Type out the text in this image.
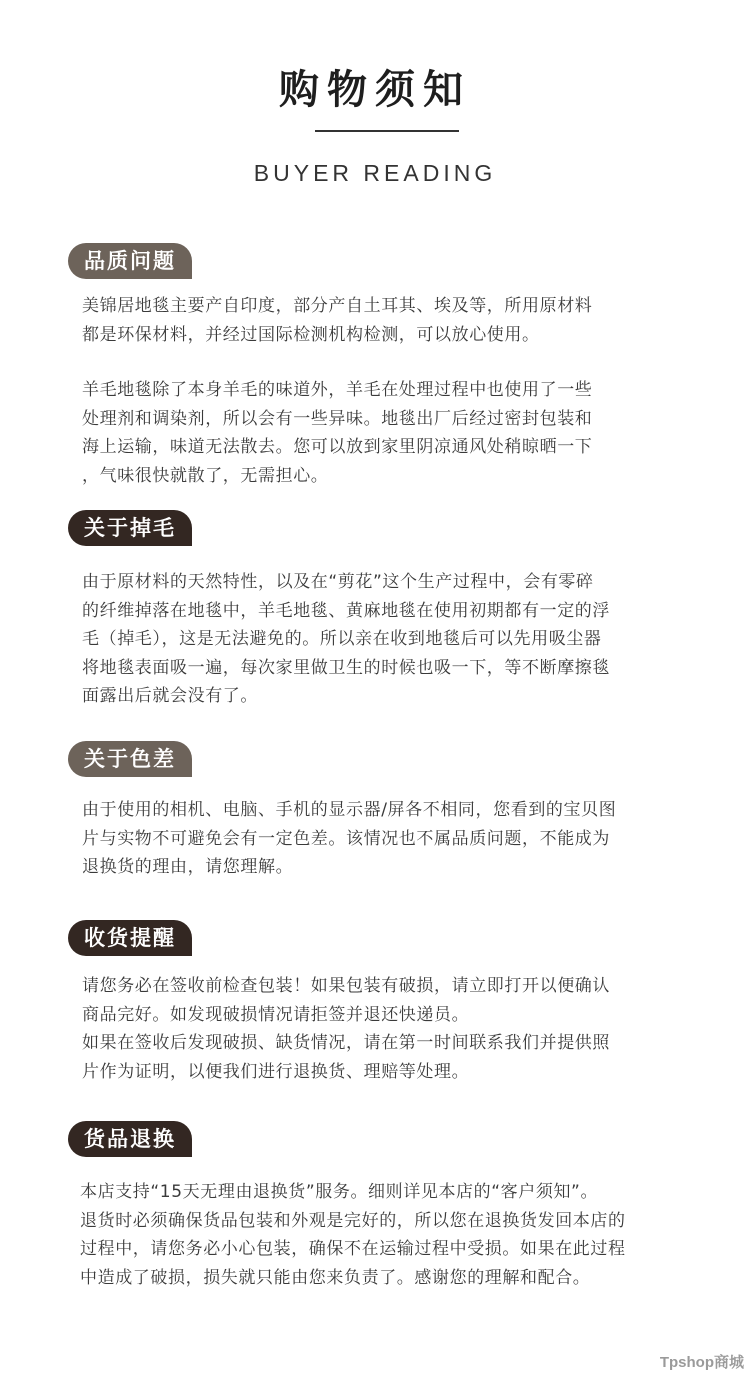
购物须知
BUYER READING
品质问题
美锦居地毯主要产自印度，部分产自土耳其、埃及等，所用原材料
都是环保材料，并经过国际检测机构检测，可以放心使用。
羊毛地毯除了本身羊毛的味道外，羊毛在处理过程中也使用了一些
处理剂和调染剂，所以会有一些异味。地毯出厂后经过密封包装和
海上运输，味道无法散去。您可以放到家里阴凉通风处稍晾晒一下
，气味很快就散了，无需担心。
关于掉毛
由于原材料的天然特性，以及在“剪花”这个生产过程中，会有零碎
的纤维掉落在地毯中，羊毛地毯、黄麻地毯在使用初期都有一定的浮
毛（掉毛），这是无法避免的。所以亲在收到地毯后可以先用吸尘器
将地毯表面吸一遍，每次家里做卫生的时候也吸一下，等不断摩擦毯
面露出后就会没有了。
关于色差
由于使用的相机、电脑、手机的显示器/屏各不相同，您看到的宝贝图
片与实物不可避免会有一定色差。该情况也不属品质问题，不能成为
退换货的理由，请您理解。
收货提醒
请您务必在签收前检查包装！如果包装有破损，请立即打开以便确认
商品完好。如发现破损情况请拒签并退还快递员。
如果在签收后发现破损、缺货情况，请在第一时间联系我们并提供照
片作为证明，以便我们进行退换货、理赔等处理。
货品退换
本店支持“15天无理由退换货”服务。细则详见本店的“客户须知”。
退货时必须确保货品包装和外观是完好的，所以您在退换货发回本店的
过程中，请您务必小心包装，确保不在运输过程中受损。如果在此过程
中造成了破损，损失就只能由您来负责了。感谢您的理解和配合。
Tpshop商城
